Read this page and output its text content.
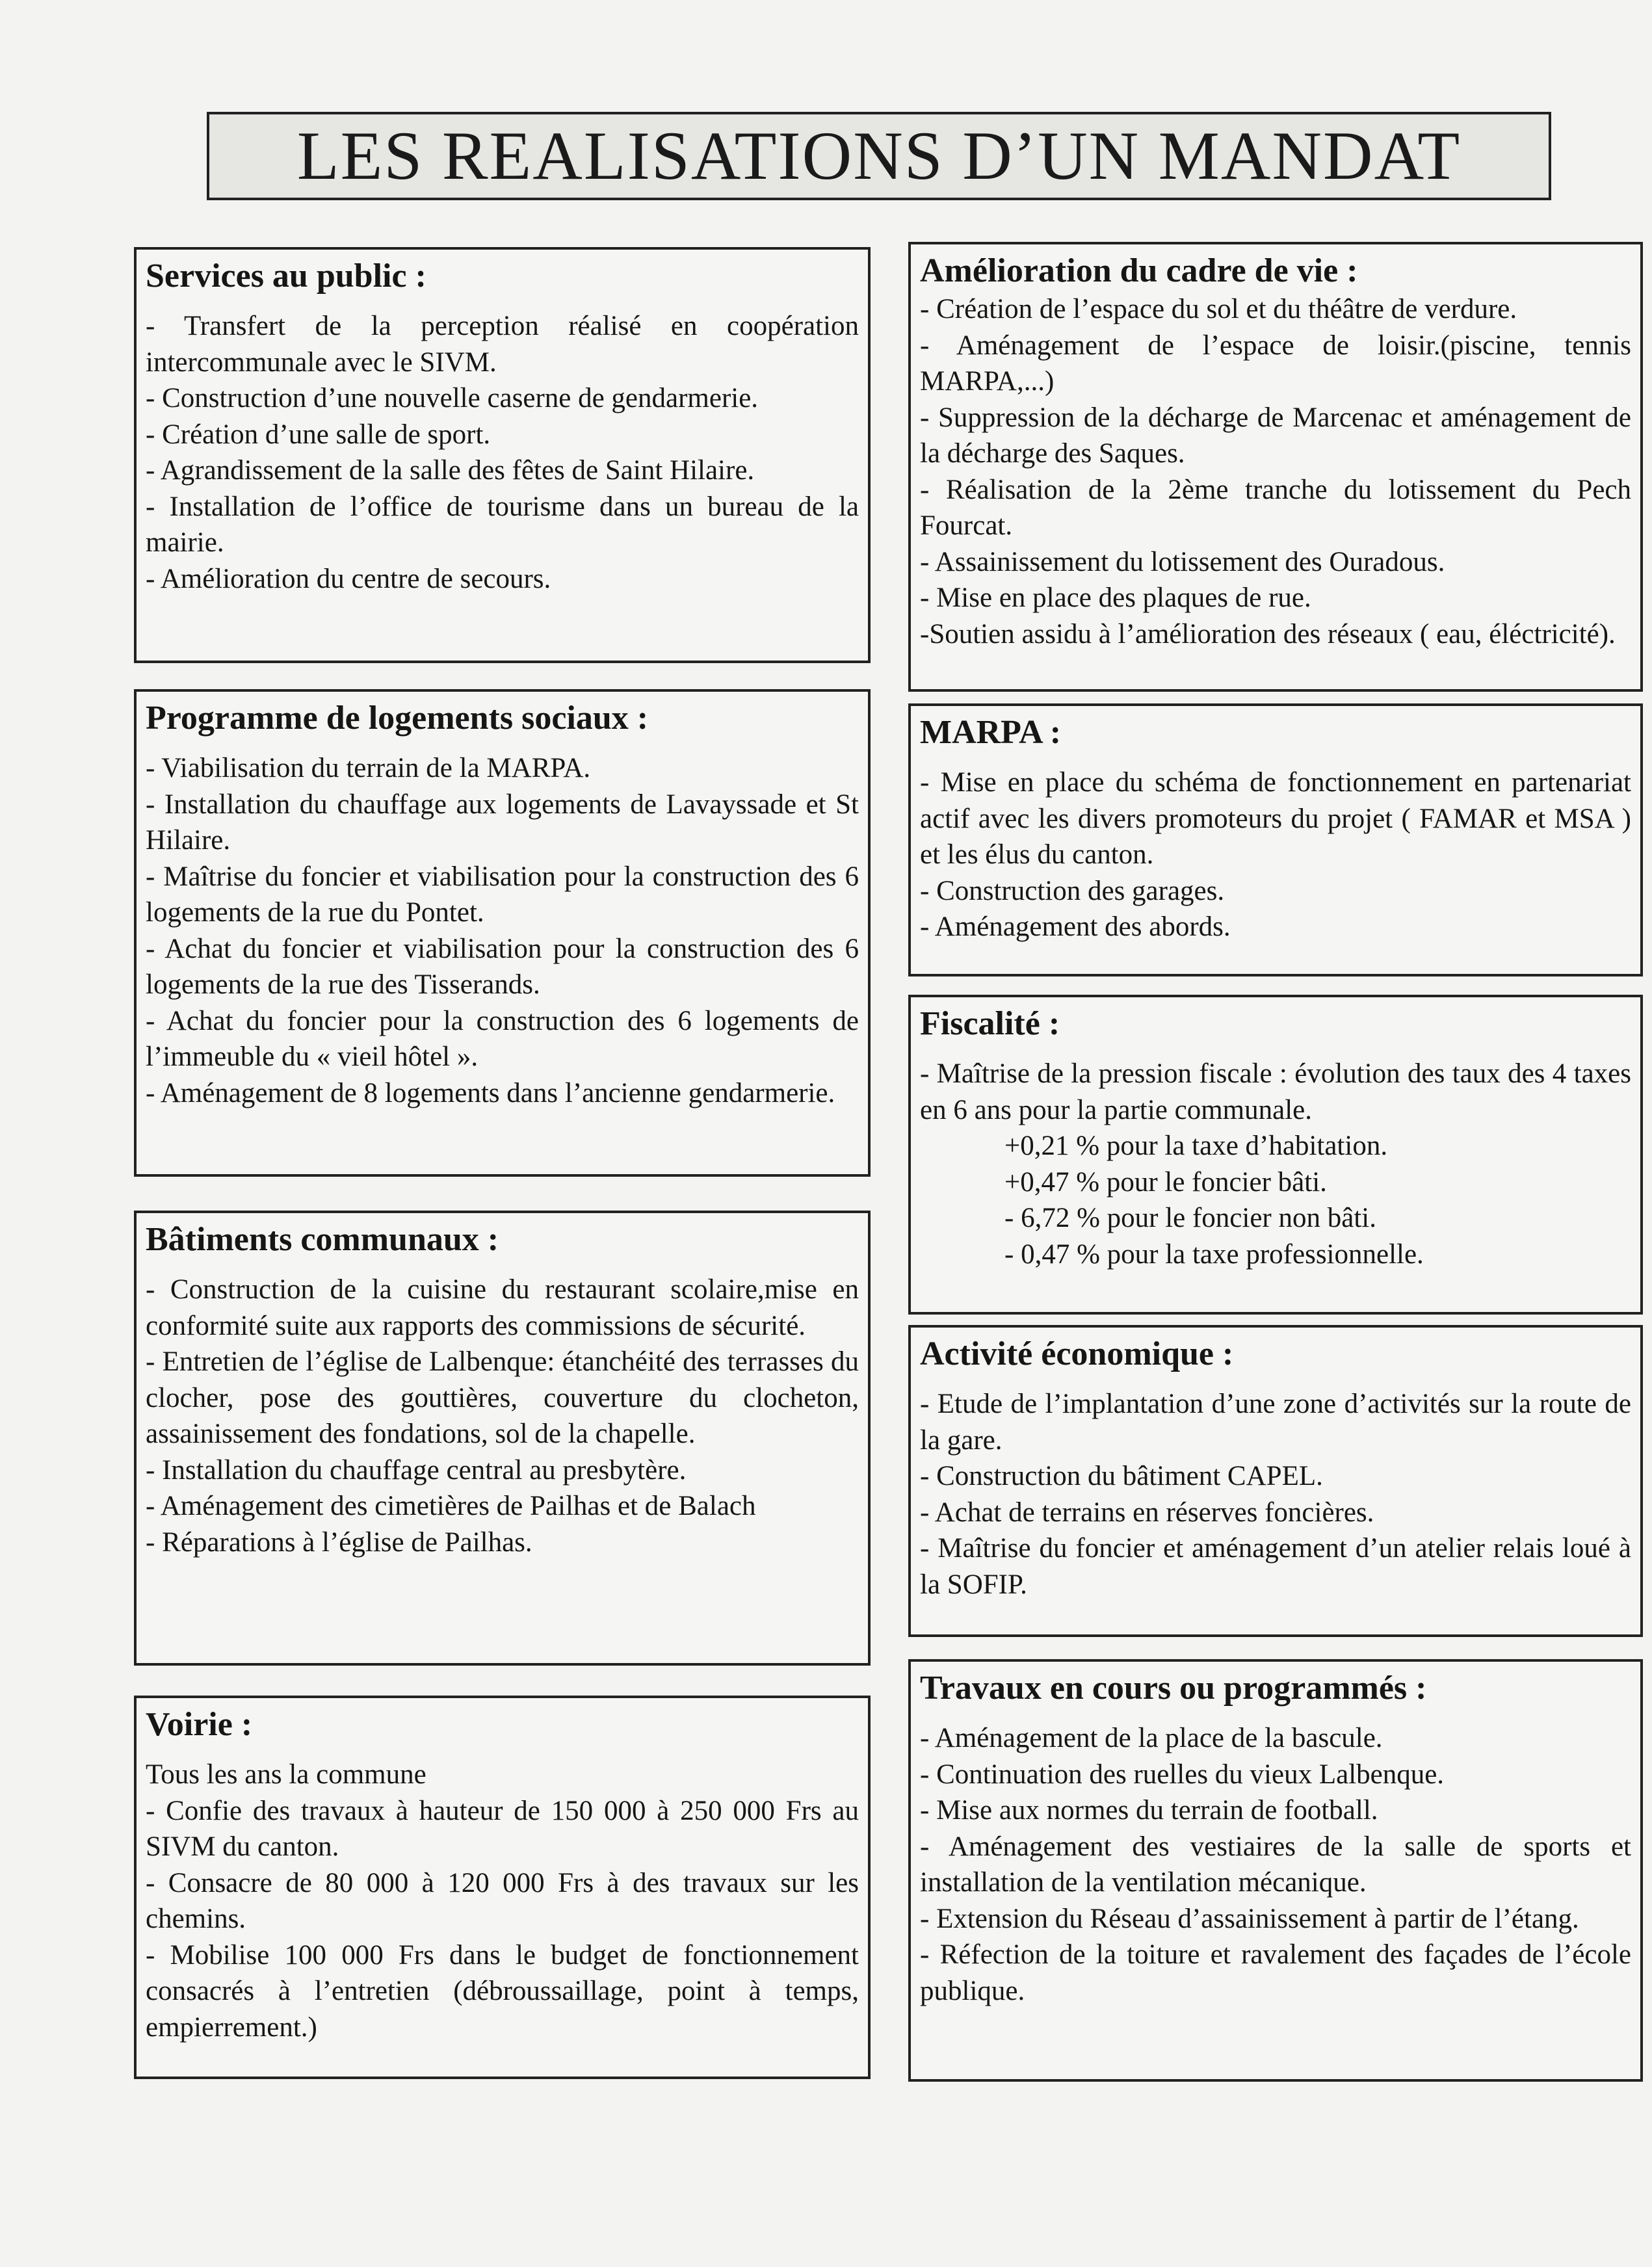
LES REALISATIONS D’UN MANDAT
Services au public :
- Transfert de la perception réalisé en coopération intercommunale avec le SIVM.
- Construction d’une nouvelle caserne de gendarmerie.
- Création d’une salle de sport.
- Agrandissement de la salle des fêtes de Saint Hilaire.
- Installation de l’office de tourisme dans un bureau de la mairie.
- Amélioration du centre de secours.
Programme de logements sociaux :
- Viabilisation du terrain de la MARPA.
- Installation du chauffage aux logements de Lavayssade et St Hilaire.
- Maîtrise du foncier et viabilisation pour la construction des 6 logements de la rue du Pontet.
- Achat du foncier et viabilisation pour la construction des 6 logements de la rue des Tisserands.
- Achat du foncier pour la construction des 6 logements de l’immeuble du « vieil hôtel ».
- Aménagement de 8 logements dans l’ancienne gendarmerie.
Bâtiments communaux :
- Construction de la cuisine du restaurant scolaire,mise en conformité suite aux rapports des commissions de sécurité.
- Entretien de l’église de Lalbenque: étanchéité des terrasses du clocher, pose des gouttières, couverture du clocheton, assainissement des fondations, sol de la chapelle.
- Installation du chauffage central au presbytère.
- Aménagement des cimetières de Pailhas et de Balach
- Réparations à l’église de Pailhas.
Voirie :
Tous les ans la commune
- Confie des travaux à hauteur de 150 000 à 250 000 Frs au SIVM du canton.
- Consacre de 80 000 à 120 000 Frs à des travaux sur les chemins.
- Mobilise 100 000 Frs dans le budget de fonctionnement consacrés à l’entretien (débroussaillage, point à temps, empierrement.)
Amélioration du cadre de vie :
- Création de l’espace du sol et du théâtre de verdure.
- Aménagement de l’espace de loisir.(piscine, tennis MARPA,...)
- Suppression de la décharge de Marcenac et aménagement de la décharge des Saques.
- Réalisation de la 2ème tranche du lotissement du Pech Fourcat.
- Assainissement du lotissement des Ouradous.
- Mise en place des plaques de rue.
-Soutien assidu à l’amélioration des réseaux ( eau, éléctricité).
MARPA :
- Mise en place du schéma de fonctionnement en partenariat actif avec les divers promoteurs du projet ( FAMAR et MSA ) et les élus du canton.
- Construction des garages.
- Aménagement des abords.
Fiscalité :
- Maîtrise de la pression fiscale : évolution des taux des 4 taxes en 6 ans pour la partie communale.
+0,21 % pour la taxe d’habitation.
+0,47 % pour le foncier bâti.
- 6,72 % pour le foncier non bâti.
- 0,47 % pour la taxe professionnelle.
Activité économique :
- Etude de l’implantation d’une zone d’activités sur la route de la gare.
- Construction du bâtiment CAPEL.
- Achat de terrains en réserves foncières.
- Maîtrise du foncier et aménagement d’un atelier relais loué à la SOFIP.
Travaux en cours ou programmés :
- Aménagement de la place de la bascule.
- Continuation des ruelles du vieux Lalbenque.
- Mise aux normes du terrain de football.
- Aménagement des vestiaires de la salle de sports et installation de la ventilation mécanique.
- Extension du Réseau d’assainissement à partir de l’étang.
- Réfection de la toiture et ravalement des façades de l’école publique.
